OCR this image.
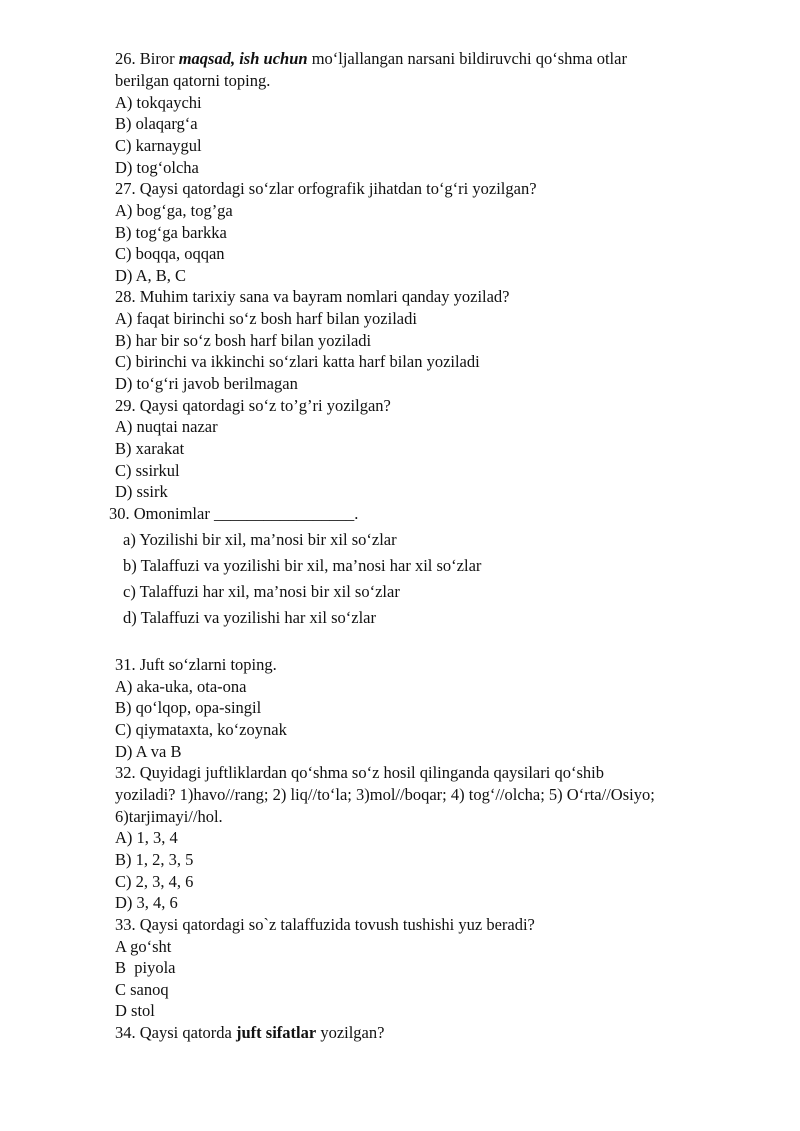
26. Biror maqsad, ish uchun mo‘ljallangan narsani bildiruvchi qo‘shma otlar
berilgan qatorni toping.
A) tokqaychi
B) olaqarg‘a
C) karnaygul
D) tog‘olcha
27. Qaysi qatordagi so‘zlar orfografik jihatdan to‘g‘ri yozilgan?
A) bog‘ga, tog’ga
B) tog‘ga barkka
C) boqqa, oqqan
D) A, B, C
28. Muhim tarixiy sana va bayram nomlari qanday yozilad?
A) faqat birinchi so‘z bosh harf bilan yoziladi
B) har bir so‘z bosh harf bilan yoziladi
C) birinchi va ikkinchi so‘zlari katta harf bilan yoziladi
D) to‘g‘ri javob berilmagan
29. Qaysi qatordagi so‘z to’g’ri yozilgan?
A) nuqtai nazar
B) xarakat
C) ssirkul
D) ssirk
30. Omonimlar _________________.
a) Yozilishi bir xil, ma’nosi bir xil so‘zlar
b) Talaffuzi va yozilishi bir xil, ma’nosi har xil so‘zlar
c) Talaffuzi har xil, ma’nosi bir xil so‘zlar
d) Talaffuzi va yozilishi har xil so‘zlar
31. Juft so‘zlarni toping.
A) aka-uka, ota-ona
B) qo‘lqop, opa-singil
C) qiymataxta, ko‘zoynak
D) A va B
32. Quyidagi juftliklardan qo‘shma so‘z hosil qilinganda qaysilari qo‘shib
yoziladi? 1)havo//rang; 2) liq//to‘la; 3)mol//boqar; 4) tog‘//olcha; 5) O‘rta//Osiyo;
6)tarjimayi//hol.
A) 1, 3, 4
B) 1, 2, 3, 5
C) 2, 3, 4, 6
D) 3, 4, 6
33. Qaysi qatordagi so`z talaffuzida tovush tushishi yuz beradi?
A go‘sht
B  piyola
C sanoq
D stol
34. Qaysi qatorda juft sifatlar yozilgan?
